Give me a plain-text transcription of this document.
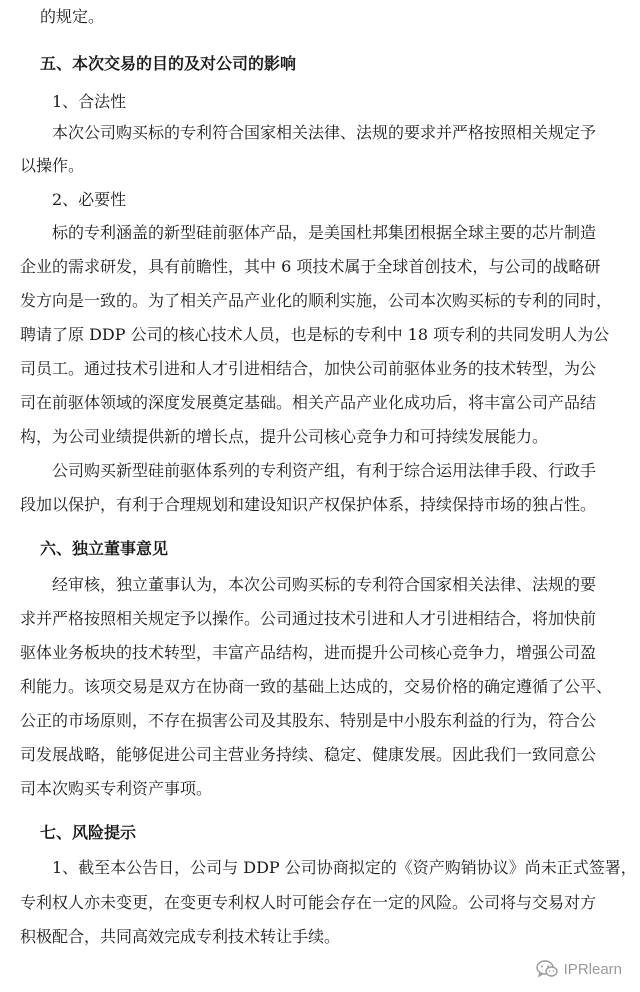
的规定。
五、本次交易的目的及对公司的影响
1、合法性
本次公司购买标的专利符合国家相关法律、法规的要求并严格按照相关规定予
以操作。
2、必要性
标的专利涵盖的新型硅前驱体产品，是美国杜邦集团根据全球主要的芯片制造
企业的需求研发，具有前瞻性，其中 6 项技术属于全球首创技术，与公司的战略研
发方向是一致的。为了相关产品产业化的顺利实施，公司本次购买标的专利的同时，
聘请了原 DDP 公司的核心技术人员，也是标的专利中 18 项专利的共同发明人为公
司员工。通过技术引进和人才引进相结合，加快公司前驱体业务的技术转型，为公
司在前驱体领域的深度发展奠定基础。相关产品产业化成功后，将丰富公司产品结
构，为公司业绩提供新的增长点，提升公司核心竞争力和可持续发展能力。
公司购买新型硅前驱体系列的专利资产组，有利于综合运用法律手段、行政手
段加以保护，有利于合理规划和建设知识产权保护体系，持续保持市场的独占性。
六、独立董事意见
经审核，独立董事认为，本次公司购买标的专利符合国家相关法律、法规的要
求并严格按照相关规定予以操作。公司通过技术引进和人才引进相结合，将加快前
驱体业务板块的技术转型，丰富产品结构，进而提升公司核心竞争力，增强公司盈
利能力。该项交易是双方在协商一致的基础上达成的，交易价格的确定遵循了公平、
公正的市场原则，不存在损害公司及其股东、特别是中小股东利益的行为，符合公
司发展战略，能够促进公司主营业务持续、稳定、健康发展。因此我们一致同意公
司本次购买专利资产事项。
七、风险提示
1、截至本公告日，公司与 DDP 公司协商拟定的《资产购销协议》尚未正式签署，
专利权人亦未变更，在变更专利权人时可能会存在一定的风险。公司将与交易对方
积极配合，共同高效完成专利技术转让手续。
IPRlearn
